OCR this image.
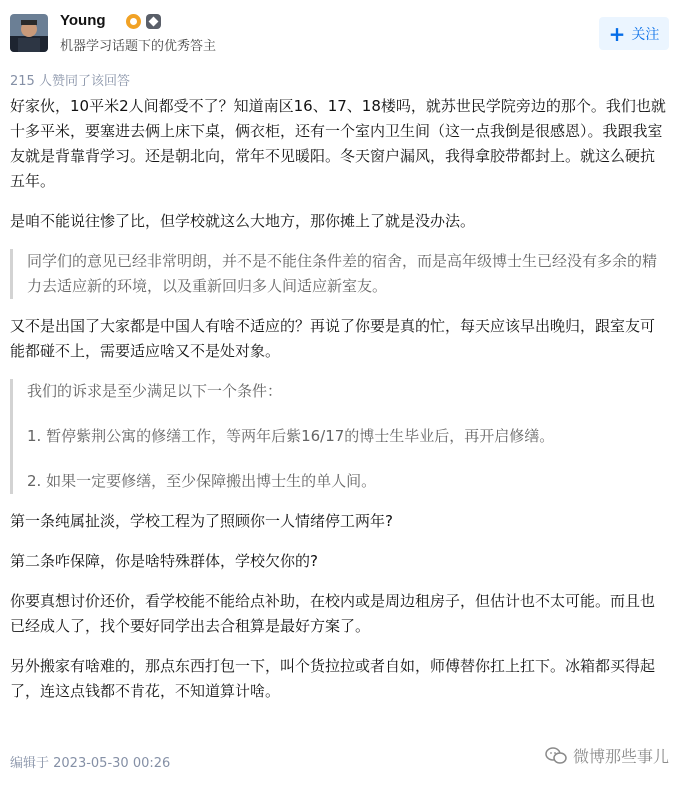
Young
机器学习话题下的优秀答主
+ 关注
215 人赞同了该回答

好家伙，10平米2人间都受不了？知道南区16、17、18楼吗，就苏世民学院旁边的那个。我们也就十多平米，要塞进去俩上床下桌，俩衣柜，还有一个室内卫生间（这一点我倒是很感恩）。我跟我室友就是背靠背学习。还是朝北向，常年不见暖阳。冬天窗户漏风，我得拿胶带都封上。就这么硬抗五年。

是咱不能说往惨了比，但学校就这么大地方，那你摊上了就是没办法。

同学们的意见已经非常明朗，并不是不能住条件差的宿舍，而是高年级博士生已经没有多余的精力去适应新的环境，以及重新回归多人间适应新室友。

又不是出国了大家都是中国人有啥不适应的？再说了你要是真的忙，每天应该早出晚归，跟室友可能都碰不上，需要适应啥又不是处对象。

我们的诉求是至少满足以下一个条件：

1. 暂停紫荆公寓的修缮工作，等两年后紫16/17的博士生毕业后，再开启修缮。

2. 如果一定要修缮，至少保障搬出博士生的单人间。

第一条纯属扯淡，学校工程为了照顾你一人情绪停工两年?

第二条咋保障，你是啥特殊群体，学校欠你的?

你要真想讨价还价，看学校能不能给点补助，在校内或是周边租房子，但估计也不太可能。而且也已经成人了，找个要好同学出去合租算是最好方案了。

另外搬家有啥难的，那点东西打包一下，叫个货拉拉或者自如，师傅替你扛上扛下。冰箱都买得起了，连这点钱都不肯花，不知道算计啥。

编辑于 2023-05-30 00:26	微博那些事儿
